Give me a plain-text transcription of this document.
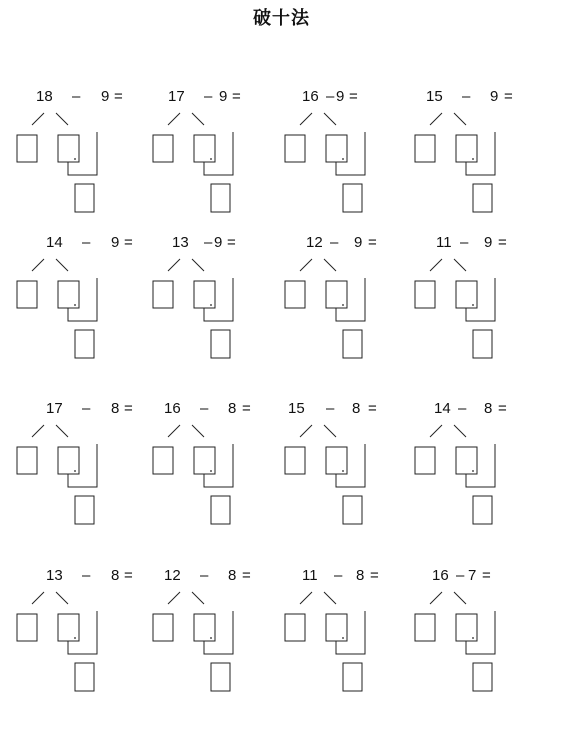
破十法
18 – 9 =	17 – 9 =	16 – 9 =	15 – 9 =
14 – 9 =	13 – 9 =	12 – 9 =	11 – 9 =
17 – 8 = 16 – 8 = 15 – 8 =	14 – 8 =
13 – 8 = 12 – 8 =	11 – 8 =	16 – 7 =
